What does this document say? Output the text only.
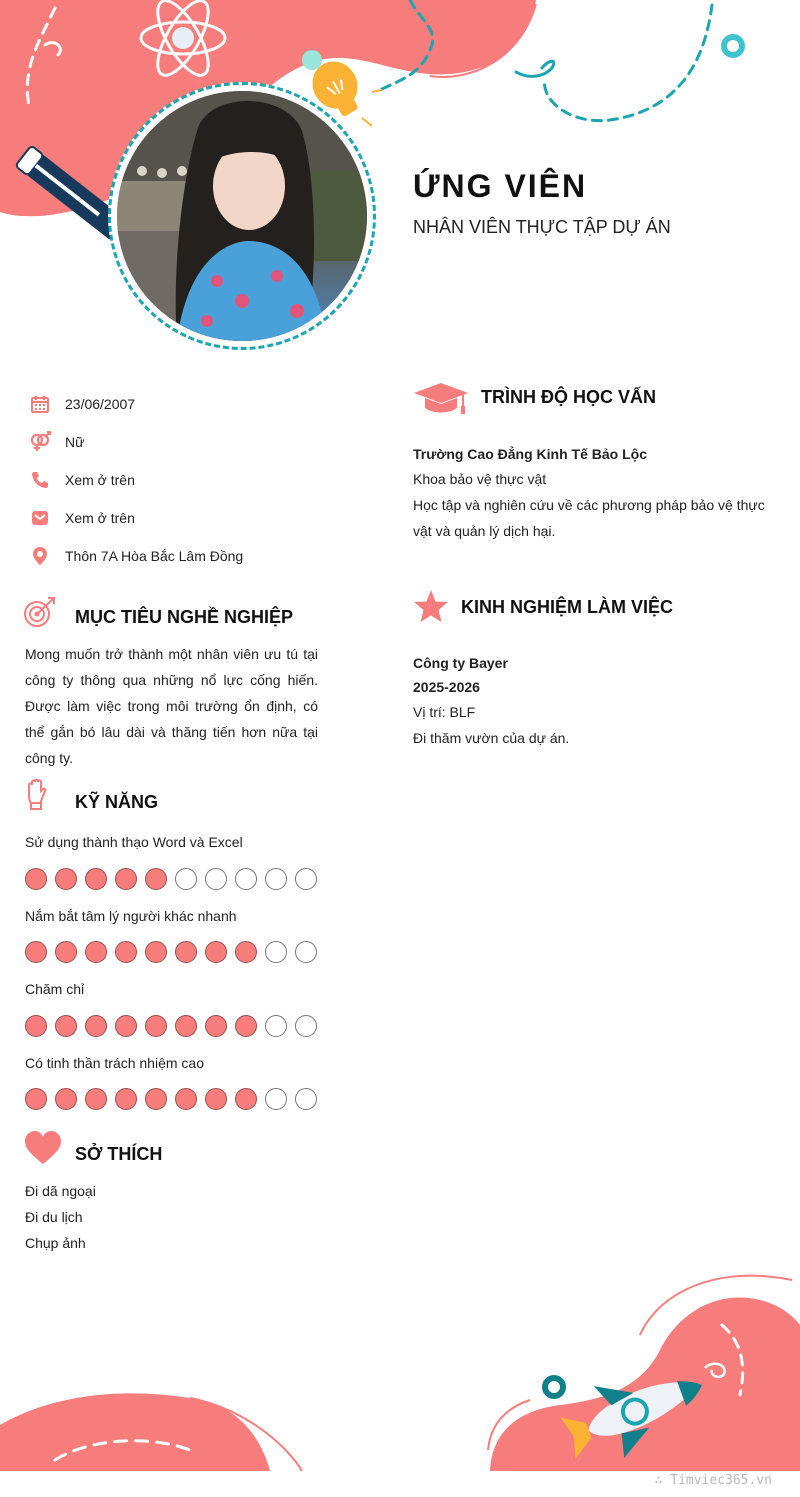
ỨNG VIÊN
NHÂN VIÊN THỰC TẬP DỰ ÁN
23/06/2007
Nữ
Xem ở trên
Xem ở trên
Thôn 7A Hòa Bắc Lâm Đồng
MỤC TIÊU NGHỀ NGHIỆP
Mong muốn trở thành một nhân viên ưu tú tại công ty thông qua những nổ lực cống hiến. Được làm việc trong môi trường ổn định, có thể gắn bó lâu dài và thăng tiến hơn nữa tại công ty.
KỸ NĂNG
Sử dụng thành thạo Word và Excel
Nắm bắt tâm lý người khác nhanh
Chăm chỉ
Có tinh thần trách nhiệm cao
SỞ THÍCH
Đi dã ngoại
Đi du lịch
Chụp ảnh
TRÌNH ĐỘ HỌC VẤN
Trường Cao Đẳng Kinh Tế Bảo Lộc
Khoa bảo vệ thực vật
Học tập và nghiên cứu về các phương pháp bảo vệ thực vật và quản lý dịch hại.
KINH NGHIỆM LÀM VIỆC
Công ty Bayer
2025-2026
Vị trí: BLF
Đi thăm vườn của dự án.
∴ Timviec365.vn
